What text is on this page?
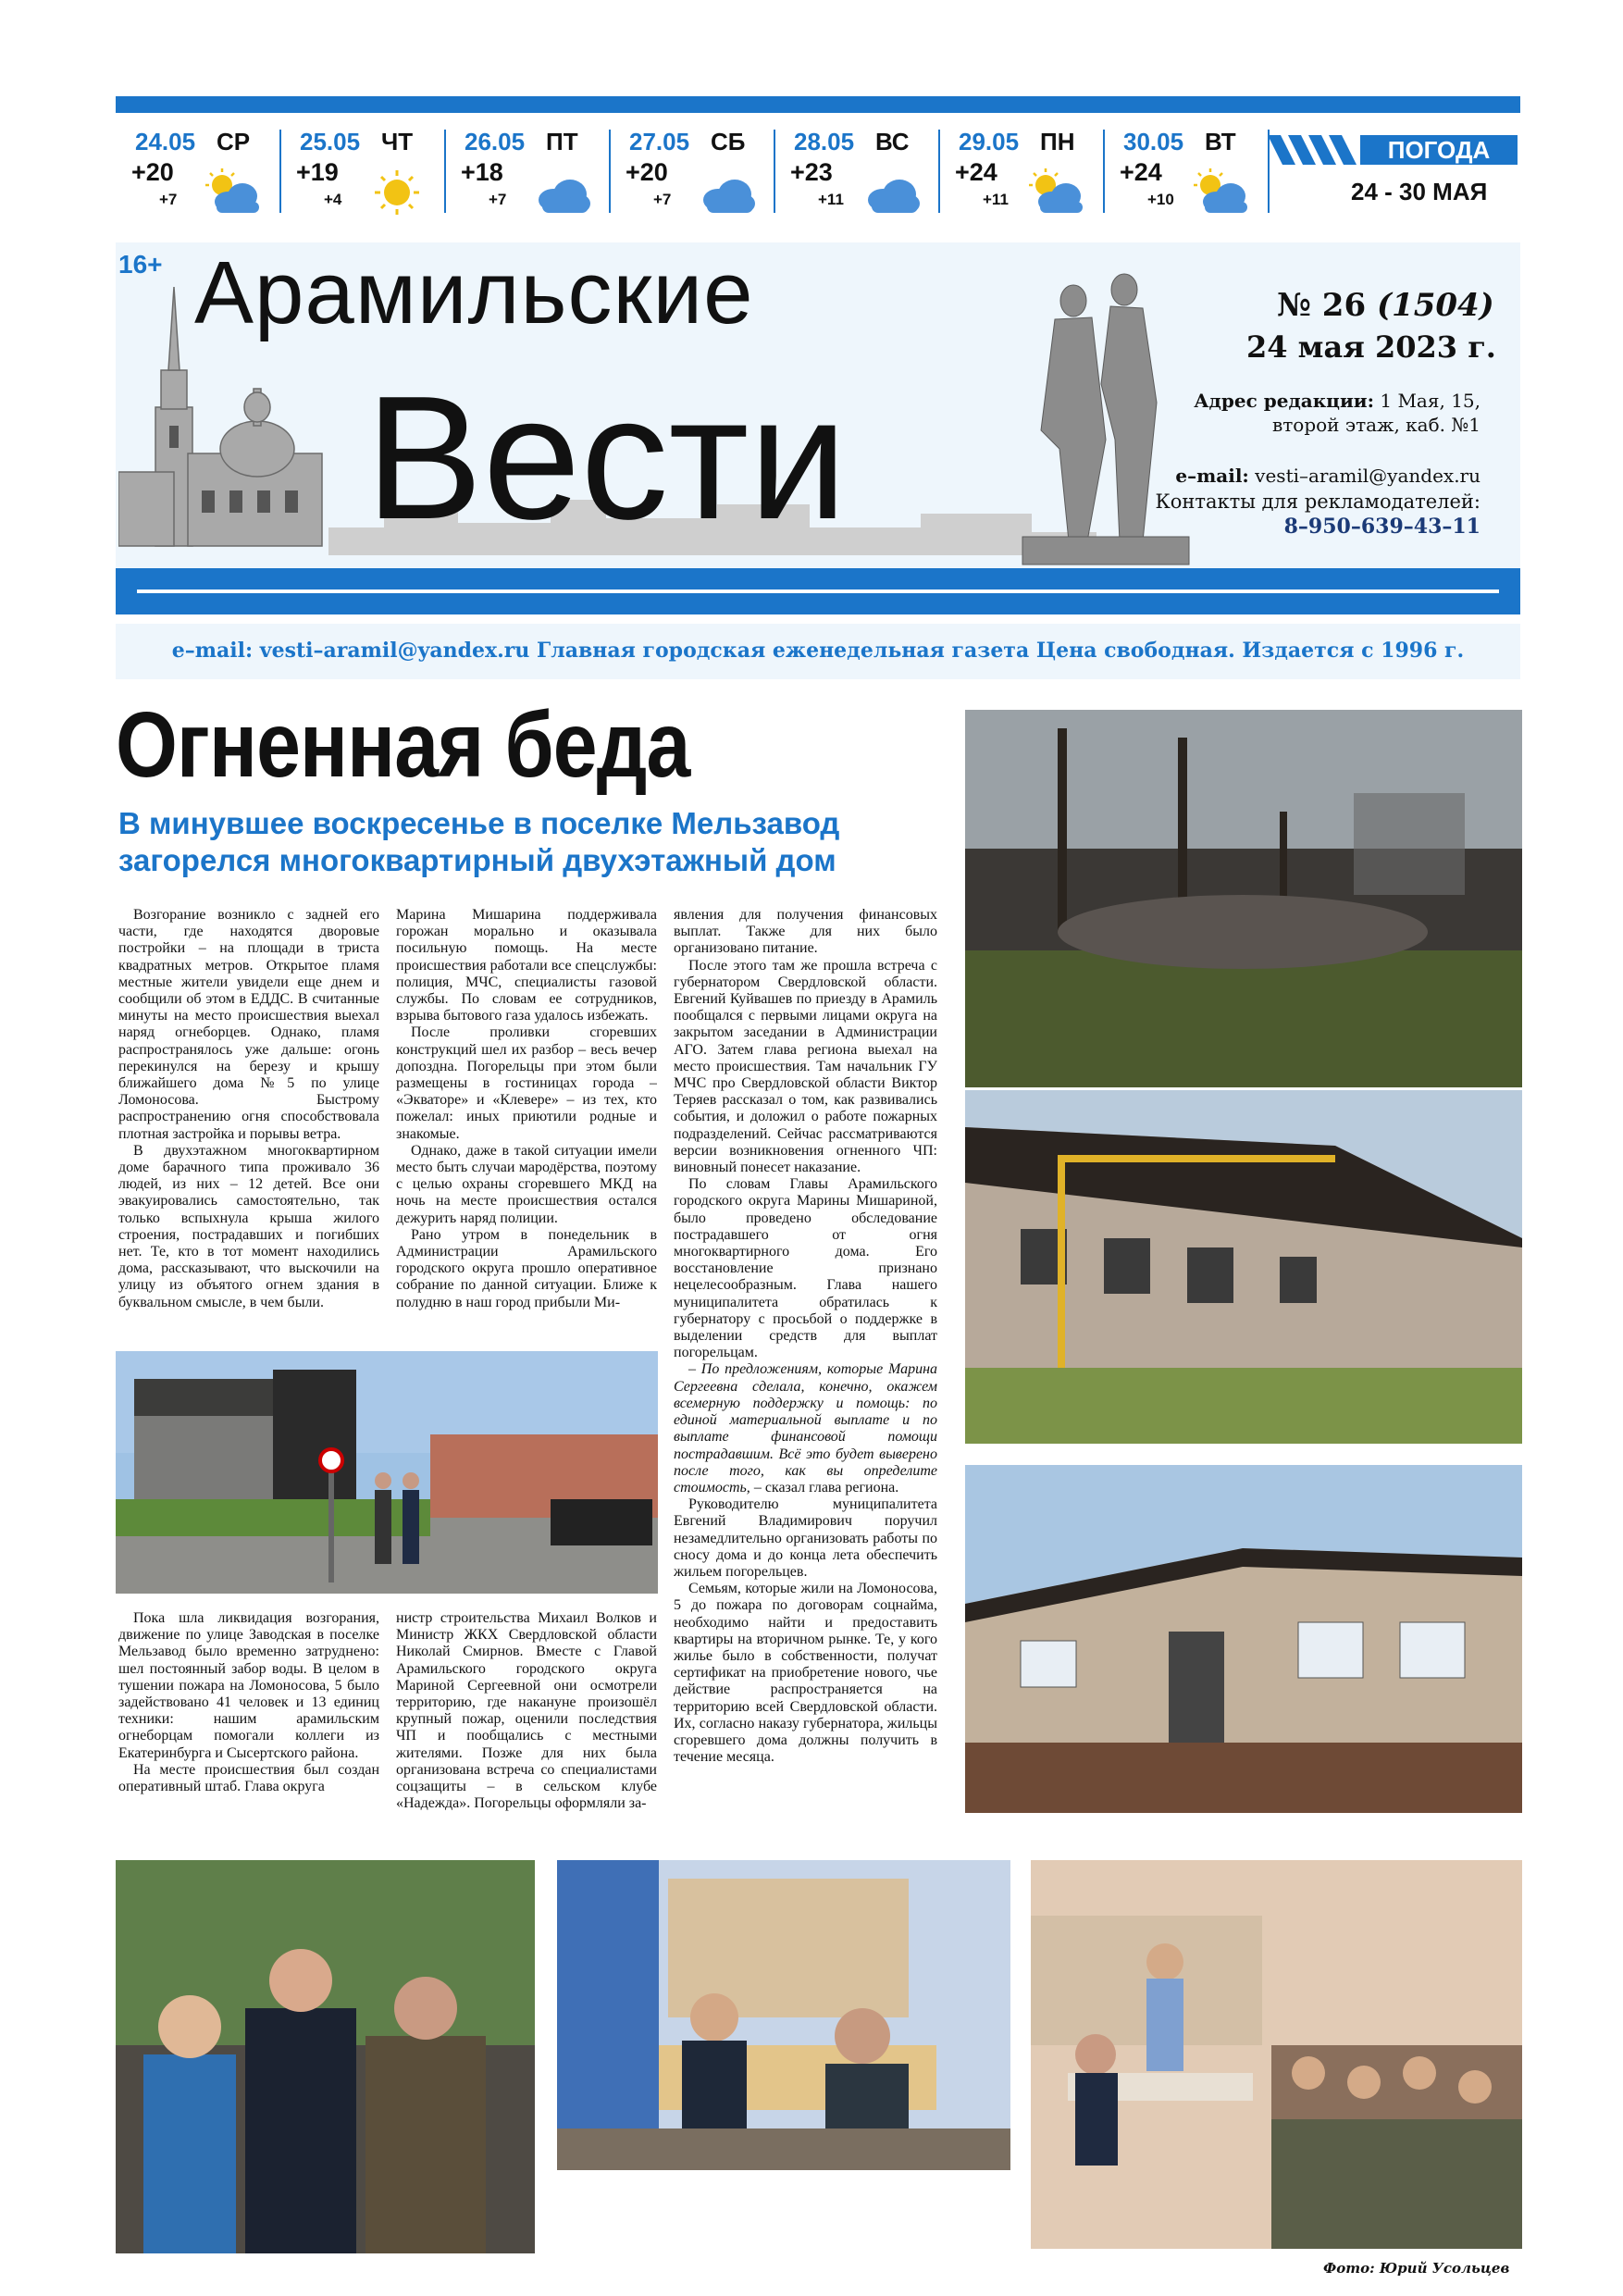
24.05 СР
+20
+7
25.05 ЧТ
+19
+4
26.05 ПТ
+18
+7
27.05 СБ
+20
+7
28.05 ВС
+23
+11
29.05 ПН
+24
+11
30.05 ВТ
+24
+10
ПОГОДА
24 - 30 МАЯ
16+ Арамильские
Вести
№ 26 (1504)
24 мая 2023 г.
Адрес редакции: 1 Мая, 15, второй этаж, каб. №1
e–mail: vesti–aramil@yandex.ru
Контакты для рекламодателей:
8–950–639–43–11
e–mail: vesti–aramil@yandex.ru Главная городская еженедельная газета Цена свободная. Издается с 1996 г.
Огненная беда
В минувшее воскресенье в поселке Мельзавод загорелся многоквартирный двухэтажный дом

Возгорание возникло с задней его части, где находятся дворовые постройки – на площади в триста квадратных метров. Открытое пламя местные жители увидели еще днем и сообщили об этом в ЕДДС. В считанные минуты на место происшествия выехал наряд огнеборцев. Однако, пламя распространялось уже дальше: огонь перекинулся на березу и крышу ближайшего дома №5 по улице Ломоносова. Быстрому распространению огня способствовала плотная застройка и порывы ветра.

В двухэтажном многоквартирном доме барачного типа проживало 36 людей, из них – 12 детей. Все они эвакуировались самостоятельно, так только вспыхнула крыша жилого строения, пострадавших и погибших нет. Те, кто в тот момент находились дома, рассказывают, что выскочили на улицу из объятого огнем здания в буквальном смысле, в чем были.

Марина Мишарина поддерживала горожан морально и оказывала посильную помощь. На месте происшествия работали все спецслужбы: полиция, МЧС, специалисты газовой службы. По словам ее сотрудников, взрыва бытового газа удалось избежать.

После проливки сгоревших конструкций шел их разбор – весь вечер допоздна. Погорельцы при этом были размещены в гостиницах города – «Экваторе» и «Клевере» – из тех, кто пожелал: иных приютили родные и знакомые.

Однако, даже в такой ситуации имели место быть случаи мародёрства, поэтому с целью охраны сгоревшего МКД на ночь на месте происшествия остался дежурить наряд полиции.

Рано утром в понедельник в Администрации Арамильского городского округа прошло оперативное собрание по данной ситуации. Ближе к полудню в наш город прибыли Ми-

явления для получения финансовых выплат. Также для них было организовано питание.

После этого там же прошла встреча с губернатором Свердловской области. Евгений Куйвашев по приезду в Арамиль пообщался с первыми лицами округа на закрытом заседании в Администрации АГО. Затем глава региона выехал на место происшествия. Там начальник ГУ МЧС про Свердловской области Виктор Теряев рассказал о том, как развивались события, и доложил о работе пожарных подразделений. Сейчас рассматриваются версии возникновения огненного ЧП: виновный понесет наказание.

По словам Главы Арамильского городского округа Марины Мишариной, было проведено обследование пострадавшего от огня многоквартирного дома. Его восстановление признано нецелесообразным. Глава нашего муниципалитета обратилась к губернатору с просьбой о поддержке в выделении средств для выплат погорельцам.

– По предложениям, которые Марина Сергеевна сделала, конечно, окажем всемерную поддержку и помощь: по единой материальной выплате и по выплате финансовой помощи пострадавшим. Всё это будет выверено после того, как вы определите стоимость, – сказал глава региона.

Руководителю муниципалитета Евгений Владимирович поручил незамедлительно организовать работы по сносу дома и до конца лета обеспечить жильем погорельцев.

Семьям, которые жили на Ломоносова, 5 до пожара по договорам соцнайма, необходимо найти и предоставить квартиры на вторичном рынке. Те, у кого жилье было в собственности, получат сертификат на приобретение нового, чье действие распространяется на территорию всей Свердловской области. Их, согласно наказу губернатора, жильцы сгоревшего дома должны получить в течение месяца.

Пока шла ликвидация возгорания, движение по улице Заводская в поселке Мельзавод было временно затруднено: шел постоянный забор воды. В целом в тушении пожара на Ломоносова, 5 было задействовано 41 человек и 13 единиц техники: нашим арамильским огнеборцам помогали коллеги из Екатеринбурга и Сысертского района.

На месте происшествия был создан оперативный штаб. Глава округа

нистр строительства Михаил Волков и Министр ЖКХ Свердловской области Николай Смирнов. Вместе с Главой Арамильского городского округа Мариной Сергеевной они осмотрели территорию, где накануне произошёл крупный пожар, оценили последствия ЧП и пообщались с местными жителями. Позже для них была организована встреча со специалистами соцзащиты – в сельском клубе «Надежда». Погорельцы оформляли за-

Фото: Юрий Усольцев
